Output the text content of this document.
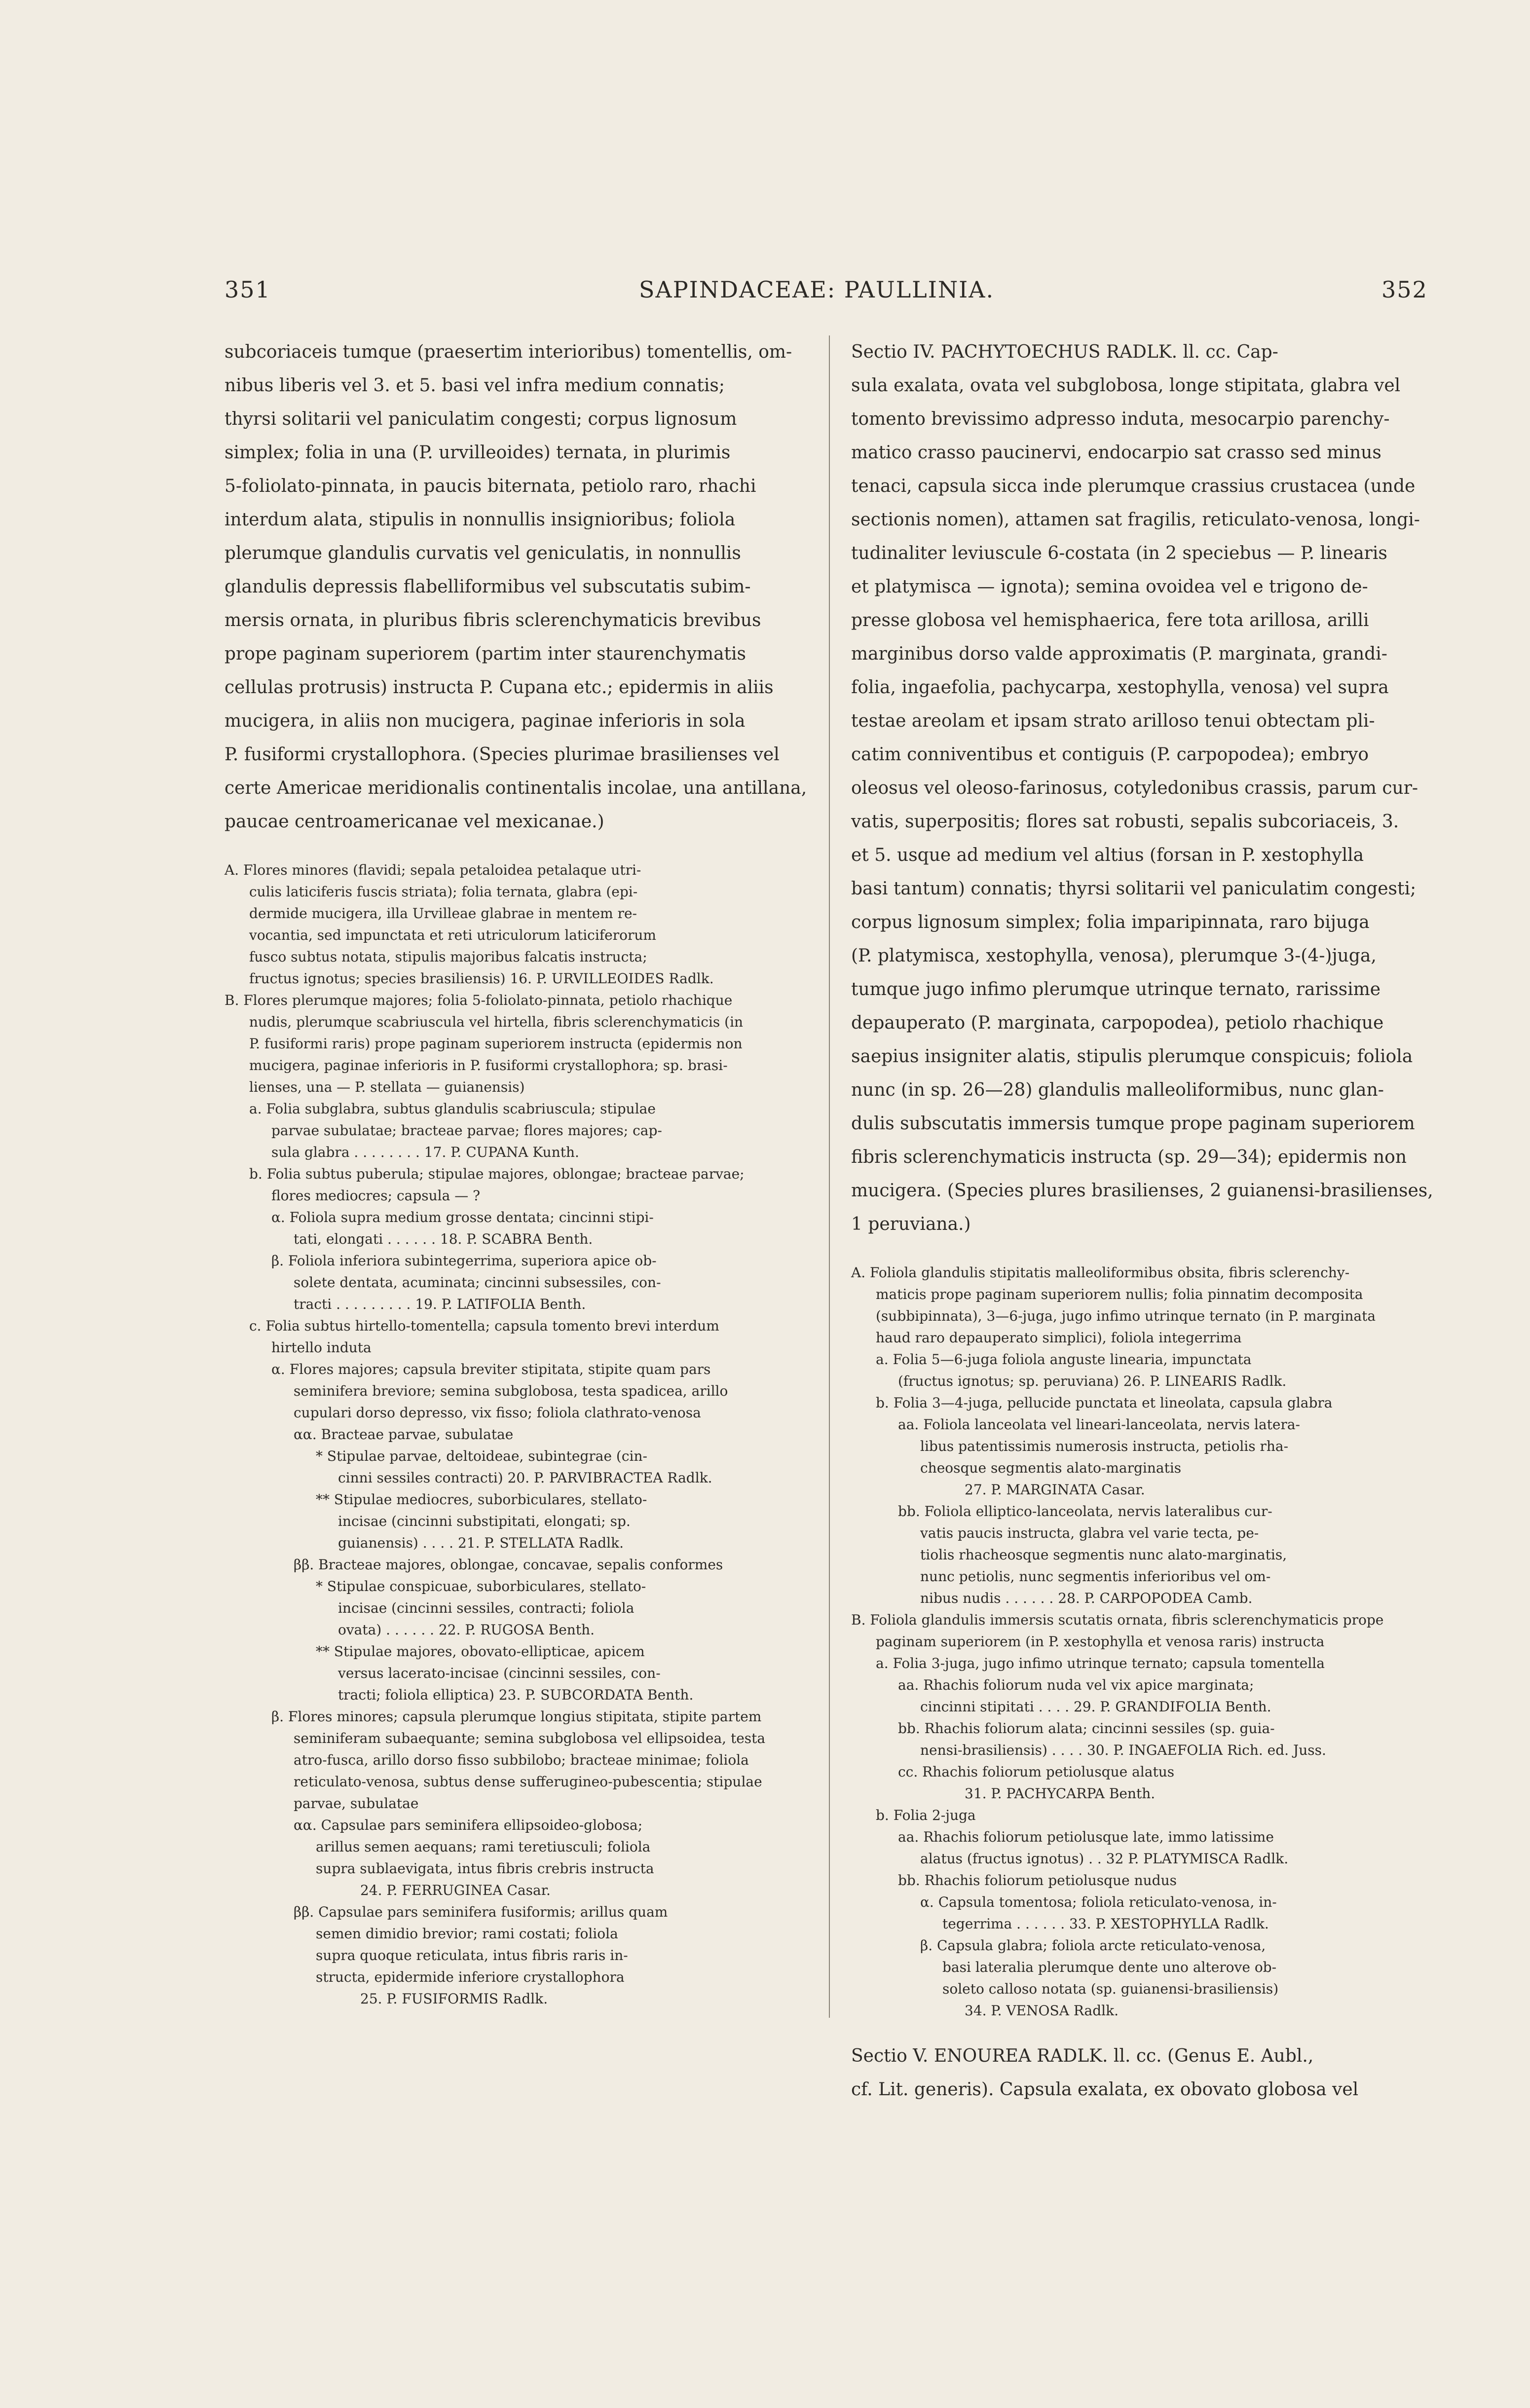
351	SAPINDACEAE: PAULLINIA.	352
subcoriaceis tumque (praesertim interioribus) tomentellis, om-
nibus liberis vel 3. et 5. basi vel infra medium connatis;
thyrsi solitarii vel paniculatim congesti; corpus lignosum
simplex; folia in una (P. urvilleoides) ternata, in plurimis
5-foliolato-pinnata, in paucis biternata, petiolo raro, rhachi
interdum alata, stipulis in nonnullis insignioribus; foliola
plerumque glandulis curvatis vel geniculatis, in nonnullis
glandulis depressis flabelliformibus vel subscutatis subim-
mersis ornata, in pluribus fibris sclerenchymaticis brevibus
prope paginam superiorem (partim inter staurenchymatis
cellulas protrusis) instructa P. Cupana etc.; epidermis in aliis
mucigera, in aliis non mucigera, paginae inferioris in sola
P. fusiformi crystallophora. (Species plurimae brasilienses vel
certe Americae meridionalis continentalis incolae, una antillana,
paucae centroamericanae vel mexicanae.)
A. Flores minores (flavidi; sepala petaloidea petalaque utri-
culis laticiferis fuscis striata); folia ternata, glabra (epi-
dermide mucigera, illa Urvilleae glabrae in mentem re-
vocantia, sed impunctata et reti utriculorum laticiferorum
fusco subtus notata, stipulis majoribus falcatis instructa;
fructus ignotus; species brasiliensis) 16. P. URVILLEOIDES Radlk.
B. Flores plerumque majores; folia 5-foliolato-pinnata, petiolo rhachique
nudis, plerumque scabriuscula vel hirtella, fibris sclerenchymaticis (in
P. fusiformi raris) prope paginam superiorem instructa (epidermis non
mucigera, paginae inferioris in P. fusiformi crystallophora; sp. brasi-
lienses, una — P. stellata — guianensis)
a. Folia subglabra, subtus glandulis scabriuscula; stipulae
parvae subulatae; bracteae parvae; flores majores; cap-
sula glabra . . . . . . . . 17. P. CUPANA Kunth.
b. Folia subtus puberula; stipulae majores, oblongae; bracteae parvae;
flores mediocres; capsula — ?
α. Foliola supra medium grosse dentata; cincinni stipi-
tati, elongati . . . . . . 18. P. SCABRA Benth.
β. Foliola inferiora subintegerrima, superiora apice ob-
solete dentata, acuminata; cincinni subsessiles, con-
tracti . . . . . . . . . 19. P. LATIFOLIA Benth.
c. Folia subtus hirtello-tomentella; capsula tomento brevi interdum
hirtello induta
α. Flores majores; capsula breviter stipitata, stipite quam pars
seminifera breviore; semina subglobosa, testa spadicea, arillo
cupulari dorso depresso, vix fisso; foliola clathrato-venosa
αα. Bracteae parvae, subulatae
* Stipulae parvae, deltoideae, subintegrae (cin-
cinni sessiles contracti) 20. P. PARVIBRACTEA Radlk.
** Stipulae mediocres, suborbiculares, stellato-
incisae (cincinni substipitati, elongati; sp.
guianensis) . . . . 21. P. STELLATA Radlk.
ββ. Bracteae majores, oblongae, concavae, sepalis conformes
* Stipulae conspicuae, suborbiculares, stellato-
incisae (cincinni sessiles, contracti; foliola
ovata) . . . . . . 22. P. RUGOSA Benth.
** Stipulae majores, obovato-ellipticae, apicem
versus lacerato-incisae (cincinni sessiles, con-
tracti; foliola elliptica) 23. P. SUBCORDATA Benth.
β. Flores minores; capsula plerumque longius stipitata, stipite partem
seminiferam subaequante; semina subglobosa vel ellipsoidea, testa
atro-fusca, arillo dorso fisso subbilobo; bracteae minimae; foliola
reticulato-venosa, subtus dense sufferugineo-pubescentia; stipulae
parvae, subulatae
αα. Capsulae pars seminifera ellipsoideo-globosa;
arillus semen aequans; rami teretiusculi; foliola
supra sublaevigata, intus fibris crebris instructa
24. P. FERRUGINEA Casar.
ββ. Capsulae pars seminifera fusiformis; arillus quam
semen dimidio brevior; rami costati; foliola
supra quoque reticulata, intus fibris raris in-
structa, epidermide inferiore crystallophora
25. P. FUSIFORMIS Radlk.
Sectio IV. PACHYTOECHUS RADLK. ll. cc. Cap-
sula exalata, ovata vel subglobosa, longe stipitata, glabra vel
tomento brevissimo adpresso induta, mesocarpio parenchy-
matico crasso paucinervi, endocarpio sat crasso sed minus
tenaci, capsula sicca inde plerumque crassius crustacea (unde
sectionis nomen), attamen sat fragilis, reticulato-venosa, longi-
tudinaliter leviuscule 6-costata (in 2 speciebus — P. linearis
et platymisca — ignota); semina ovoidea vel e trigono de-
presse globosa vel hemisphaerica, fere tota arillosa, arilli
marginibus dorso valde approximatis (P. marginata, grandi-
folia, ingaefolia, pachycarpa, xestophylla, venosa) vel supra
testae areolam et ipsam strato arilloso tenui obtectam pli-
catim conniventibus et contiguis (P. carpopodea); embryo
oleosus vel oleoso-farinosus, cotyledonibus crassis, parum cur-
vatis, superpositis; flores sat robusti, sepalis subcoriaceis, 3.
et 5. usque ad medium vel altius (forsan in P. xestophylla
basi tantum) connatis; thyrsi solitarii vel paniculatim congesti;
corpus lignosum simplex; folia imparipinnata, raro bijuga
(P. platymisca, xestophylla, venosa), plerumque 3-(4-)juga,
tumque jugo infimo plerumque utrinque ternato, rarissime
depauperato (P. marginata, carpopodea), petiolo rhachique
saepius insigniter alatis, stipulis plerumque conspicuis; foliola
nunc (in sp. 26—28) glandulis malleoliformibus, nunc glan-
dulis subscutatis immersis tumque prope paginam superiorem
fibris sclerenchymaticis instructa (sp. 29—34); epidermis non
mucigera. (Species plures brasilienses, 2 guianensi-brasilienses,
1 peruviana.)
A. Foliola glandulis stipitatis malleoliformibus obsita, fibris sclerenchy-
maticis prope paginam superiorem nullis; folia pinnatim decomposita
(subbipinnata), 3—6-juga, jugo infimo utrinque ternato (in P. marginata
haud raro depauperato simplici), foliola integerrima
a. Folia 5—6-juga foliola anguste linearia, impunctata
(fructus ignotus; sp. peruviana) 26. P. LINEARIS Radlk.
b. Folia 3—4-juga, pellucide punctata et lineolata, capsula glabra
aa. Foliola lanceolata vel lineari-lanceolata, nervis latera-
libus patentissimis numerosis instructa, petiolis rha-
cheosque segmentis alato-marginatis
27. P. MARGINATA Casar.
bb. Foliola elliptico-lanceolata, nervis lateralibus cur-
vatis paucis instructa, glabra vel varie tecta, pe-
tiolis rhacheosque segmentis nunc alato-marginatis,
nunc petiolis, nunc segmentis inferioribus vel om-
nibus nudis . . . . . . 28. P. CARPOPODEA Camb.
B. Foliola glandulis immersis scutatis ornata, fibris sclerenchymaticis prope
paginam superiorem (in P. xestophylla et venosa raris) instructa
a. Folia 3-juga, jugo infimo utrinque ternato; capsula tomentella
aa. Rhachis foliorum nuda vel vix apice marginata;
cincinni stipitati . . . . 29. P. GRANDIFOLIA Benth.
bb. Rhachis foliorum alata; cincinni sessiles (sp. guia-
nensi-brasiliensis) . . . . 30. P. INGAEFOLIA Rich. ed. Juss.
cc. Rhachis foliorum petiolusque alatus
31. P. PACHYCARPA Benth.
b. Folia 2-juga
aa. Rhachis foliorum petiolusque late, immo latissime
alatus (fructus ignotus) . . 32 P. PLATYMISCA Radlk.
bb. Rhachis foliorum petiolusque nudus
α. Capsula tomentosa; foliola reticulato-venosa, in-
tegerrima . . . . . . 33. P. XESTOPHYLLA Radlk.
β. Capsula glabra; foliola arcte reticulato-venosa,
basi lateralia plerumque dente uno alterove ob-
soleto calloso notata (sp. guianensi-brasiliensis)
34. P. VENOSA Radlk.
Sectio V. ENOUREA RADLK. ll. cc. (Genus E. Aubl.,
cf. Lit. generis). Capsula exalata, ex obovato globosa vel
